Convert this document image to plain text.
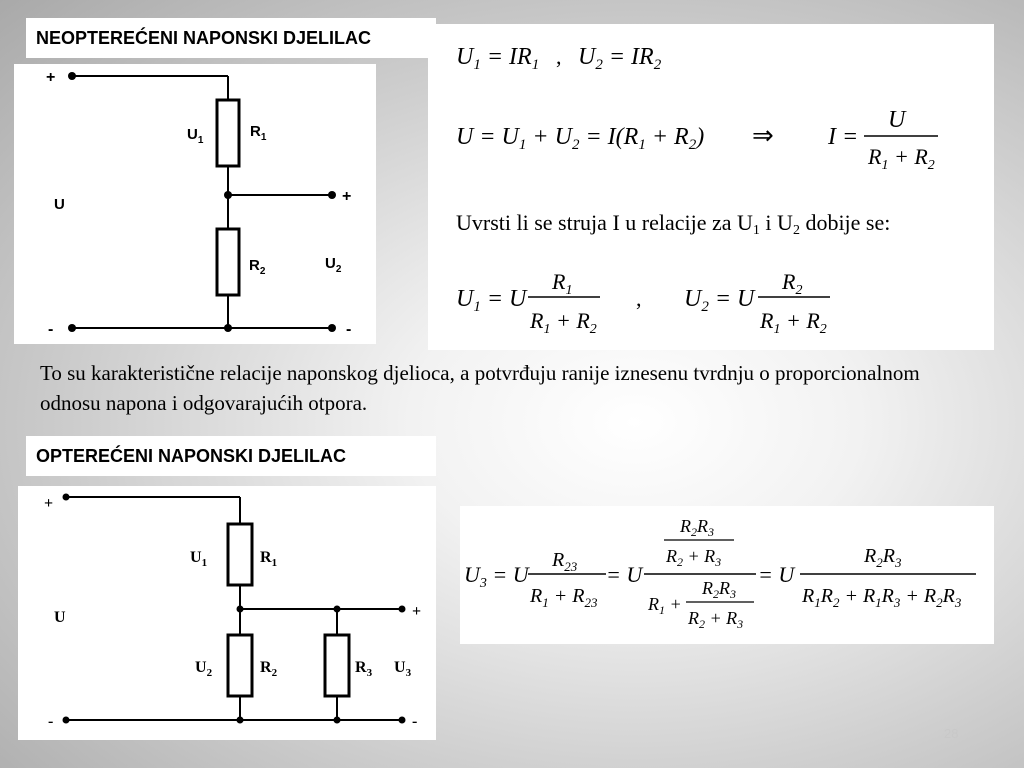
NEOPTEREĆENI NAPONSKI DJELILAC
+
-
$U_1$
$R_1$
U	+
$R_2$	$U_2$
-
$U_1 = IR_1$ , $U_2 = IR_2$
$U = U_1 + U_2 = I(R_1 + R_2)$ ⇒ I =
U
$R_1 + R_2$
Uvrsti li se struja I u relacije za U1 i U2 dobije se:
$U_1 = U$
$R_1$
$R_1 + R_2$
, $U_2 = U$
$R_2$
$R_1 + R_2$
To su karakteristične relacije naponskog djelioca, a potvrđuju ranije iznesenu tvrdnju o proporcionalnom odnosu napona i odgovarajućih otpora.
OPTEREĆENI NAPONSKI DJELILAC
+
-
$U_1$	$R_1$
U	+
$U_2$	$R_2$	$R_3$ $U_3$
-
$U_3 = U$
$R_{23}$
$R_1 + R_{23}$
= U
$R_2R_3$
$R_2 + R_3$
$R_1$ +
$R_2R_3$
$R_2 + R_3$
= U
$R_2R_3$
$R_1R_2 + R_1R_3 + R_2R_3$
28
